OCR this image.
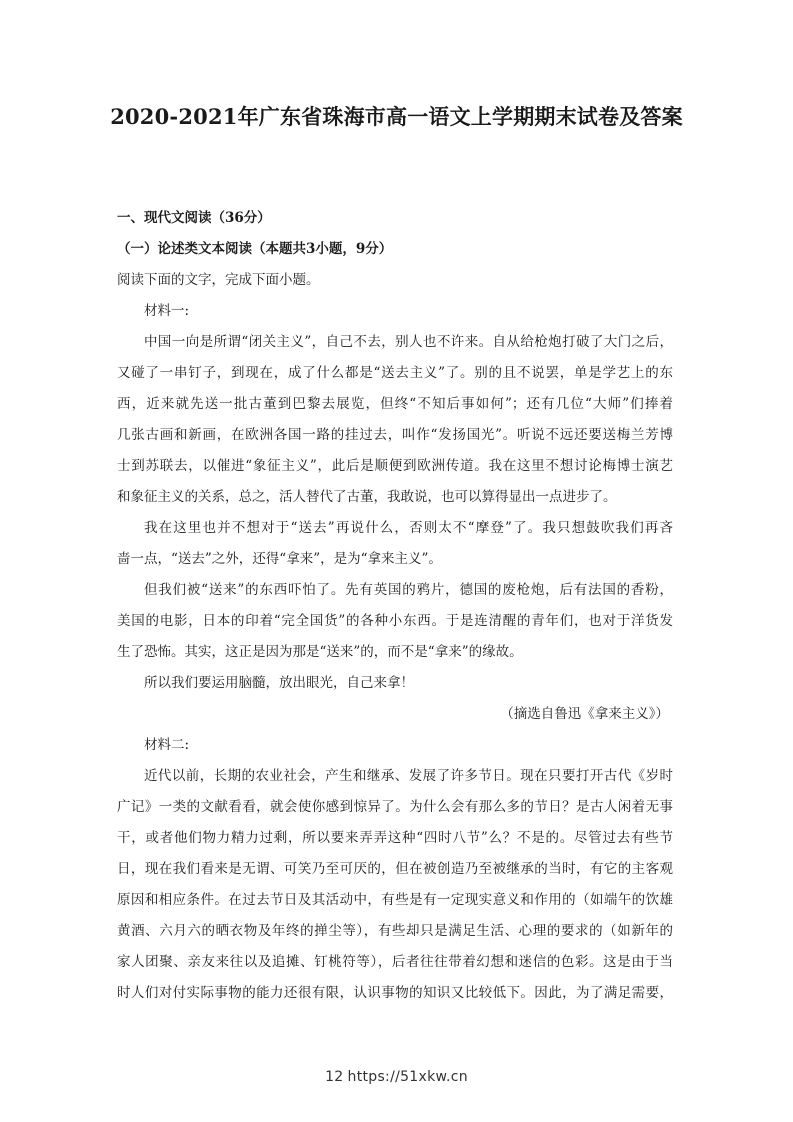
2020-2021年广东省珠海市高一语文上学期期末试卷及答案
一、现代文阅读（36分）
（一）论述类文本阅读（本题共3小题，9分）
阅读下面的文字，完成下面小题。
材料一:
中国一向是所谓“闭关主义”，自己不去，别人也不许来。自从给枪炮打破了大门之后，
又碰了一串钉子，到现在，成了什么都是“送去主义”了。别的且不说罢，单是学艺上的东
西，近来就先送一批古董到巴黎去展览，但终“不知后事如何”；还有几位“大师”们捧着
几张古画和新画，在欧洲各国一路的挂过去，叫作“发扬国光”。听说不远还要送梅兰芳博
士到苏联去，以催进“象征主义”，此后是顺便到欧洲传道。我在这里不想讨论梅博士演艺
和象征主义的关系，总之，活人替代了古董，我敢说，也可以算得显出一点进步了。
我在这里也并不想对于“送去”再说什么，否则太不“摩登”了。我只想鼓吹我们再吝
啬一点，“送去”之外，还得“拿来”，是为“拿来主义”。
但我们被“送来”的东西吓怕了。先有英国的鸦片，德国的废枪炮，后有法国的香粉，
美国的电影，日本的印着“完全国货”的各种小东西。于是连清醒的青年们，也对于洋货发
生了恐怖。其实，这正是因为那是“送来”的，而不是“拿来”的缘故。
所以我们要运用脑髓，放出眼光，自己来拿！
（摘选自鲁迅《拿来主义》）
材料二:
近代以前，长期的农业社会，产生和继承、发展了许多节日。现在只要打开古代《岁时
广记》一类的文献看看，就会使你感到惊异了。为什么会有那么多的节日？是古人闲着无事
干，或者他们物力精力过剩，所以要来弄弄这种“四时八节”么？不是的。尽管过去有些节
日，现在我们看来是无谓、可笑乃至可厌的，但在被创造乃至被继承的当时，有它的主客观
原因和相应条件。在过去节日及其活动中，有些是有一定现实意义和作用的（如端午的饮雄
黄酒、六月六的晒衣物及年终的掸尘等），有些却只是满足生活、心理的要求的（如新年的
家人团聚、亲友来往以及追摊、钉桃符等），后者往往带着幻想和迷信的色彩。这是由于当
时人们对付实际事物的能力还很有限，认识事物的知识又比较低下。因此，为了满足需要，
12 https://51xkw.cn
